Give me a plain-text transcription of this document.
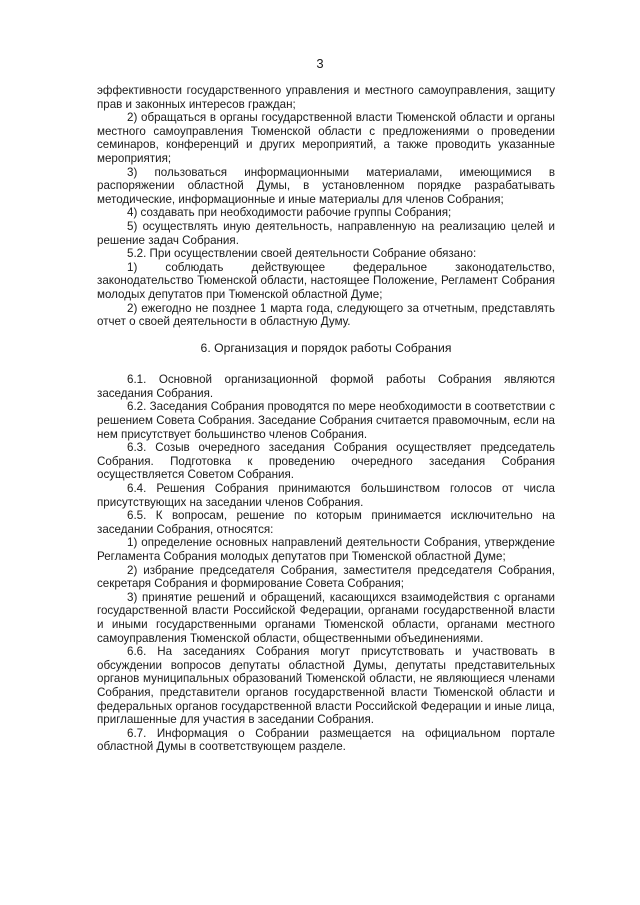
3

эффективности государственного управления и местного самоуправления, защиту прав и законных интересов граждан;

2) обращаться в органы государственной власти Тюменской области и органы местного самоуправления Тюменской области с предложениями о проведении семинаров, конференций и других мероприятий, а также проводить указанные мероприятия;

3) пользоваться информационными материалами, имеющимися в распоряжении областной Думы, в установленном порядке разрабатывать методические, информационные и иные материалы для членов Собрания;

4) создавать при необходимости рабочие группы Собрания;

5) осуществлять иную деятельность, направленную на реализацию целей и решение задач Собрания.

5.2. При осуществлении своей деятельности Собрание обязано:

1) соблюдать действующее федеральное законодательство, законодательство Тюменской области, настоящее Положение, Регламент Собрания молодых депутатов при Тюменской областной Думе;

2) ежегодно не позднее 1 марта года, следующего за отчетным, представлять отчет о своей деятельности в областную Думу.

6. Организация и порядок работы Собрания

6.1. Основной организационной формой работы Собрания являются заседания Собрания.

6.2. Заседания Собрания проводятся по мере необходимости в соответствии с решением Совета Собрания. Заседание Собрания считается правомочным, если на нем присутствует большинство членов Собрания.

6.3. Созыв очередного заседания Собрания осуществляет председатель Собрания. Подготовка к проведению очередного заседания Собрания осуществляется Советом Собрания.

6.4. Решения Собрания принимаются большинством голосов от числа присутствующих на заседании членов Собрания.

6.5. К вопросам, решение по которым принимается исключительно на заседании Собрания, относятся:

1) определение основных направлений деятельности Собрания, утверждение Регламента Собрания молодых депутатов при Тюменской областной Думе;

2) избрание председателя Собрания, заместителя председателя Собрания, секретаря Собрания и формирование Совета Собрания;

3) принятие решений и обращений, касающихся взаимодействия с органами государственной власти Российской Федерации, органами государственной власти и иными государственными органами Тюменской области, органами местного самоуправления Тюменской области, общественными объединениями.

6.6. На заседаниях Собрания могут присутствовать и участвовать в обсуждении вопросов депутаты областной Думы, депутаты представительных органов муниципальных образований Тюменской области, не являющиеся членами Собрания, представители органов государственной власти Тюменской области и федеральных органов государственной власти Российской Федерации и иные лица, приглашенные для участия в заседании Собрания.

6.7. Информация о Собрании размещается на официальном портале областной Думы в соответствующем разделе.
